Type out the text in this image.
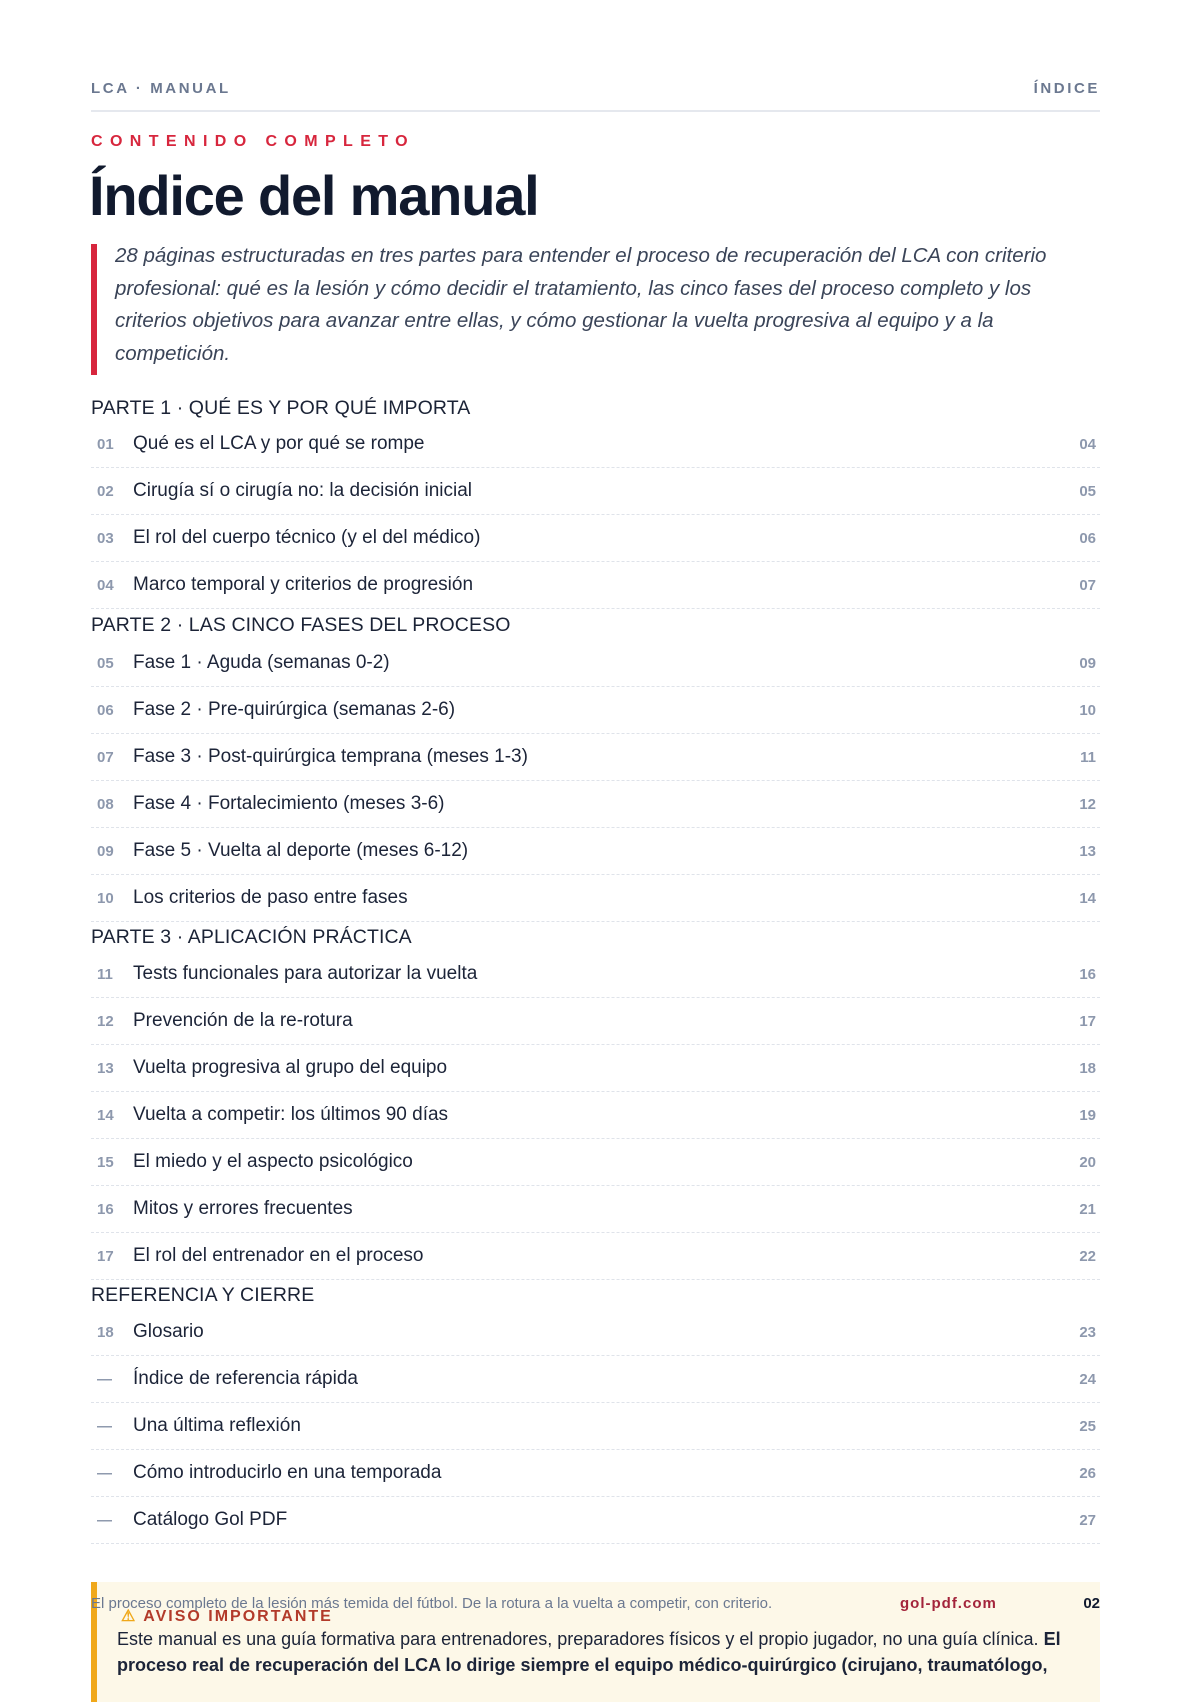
LCA · MANUAL	ÍNDICE
CONTENIDO COMPLETO
Índice del manual

28 páginas estructuradas en tres partes para entender el proceso de recuperación del LCA con criterio profesional: qué es la lesión y cómo decidir el tratamiento, las cinco fases del proceso completo y los criterios objetivos para avanzar entre ellas, y cómo gestionar la vuelta progresiva al equipo y a la competición.

PARTE 1 · QUÉ ES Y POR QUÉ IMPORTA
01	Qué es el LCA y por qué se rompe	04
02	Cirugía sí o cirugía no: la decisión inicial	05
03	El rol del cuerpo técnico (y el del médico)	06
04	Marco temporal y criterios de progresión	07
PARTE 2 · LAS CINCO FASES DEL PROCESO
05	Fase 1 · Aguda (semanas 0-2)	09
06	Fase 2 · Pre-quirúrgica (semanas 2-6)	10
07	Fase 3 · Post-quirúrgica temprana (meses 1-3)	11
08	Fase 4 · Fortalecimiento (meses 3-6)	12
09	Fase 5 · Vuelta al deporte (meses 6-12)	13
10	Los criterios de paso entre fases	14
PARTE 3 · APLICACIÓN PRÁCTICA
11	Tests funcionales para autorizar la vuelta	16
12	Prevención de la re-rotura	17
13	Vuelta progresiva al grupo del equipo	18
14	Vuelta a competir: los últimos 90 días	19
15	El miedo y el aspecto psicológico	20
16	Mitos y errores frecuentes	21
17	El rol del entrenador en el proceso	22
REFERENCIA Y CIERRE
18	Glosario	23
—	Índice de referencia rápida	24
—	Una última reflexión	25
—	Cómo introducirlo en una temporada	26
—	Catálogo Gol PDF	27
⚠ AVISO IMPORTANTE
Este manual es una guía formativa para entrenadores, preparadores físicos y el propio jugador, no una guía clínica. El proceso real de recuperación del LCA lo dirige siempre el equipo médico-quirúrgico (cirujano, traumatólogo,
El proceso completo de la lesión más temida del fútbol. De la rotura a la vuelta a competir, con criterio.	gol-pdf.com	02
